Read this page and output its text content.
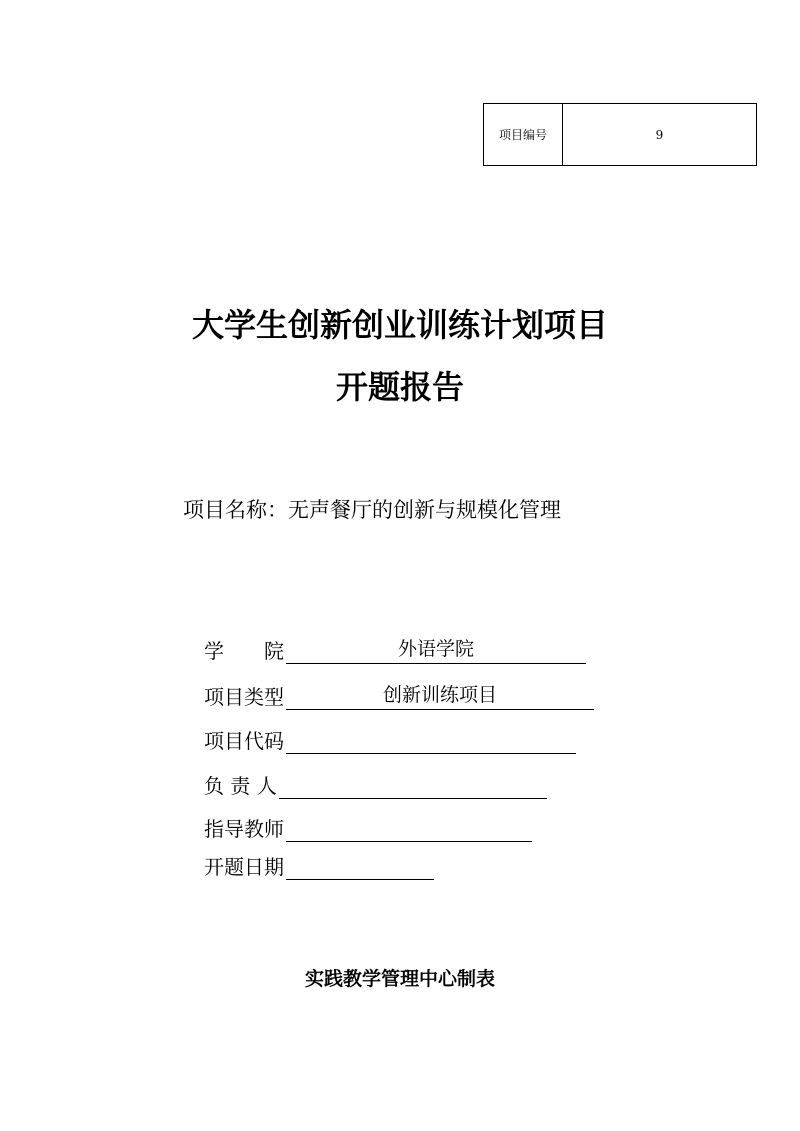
项目编号	9
大学生创新创业训练计划项目
开题报告
项目名称：无声餐厅的创新与规模化管理
学　　院	外语学院
项目类型	创新训练项目
项目代码
负 责 人
指导教师
开题日期
实践教学管理中心制表
